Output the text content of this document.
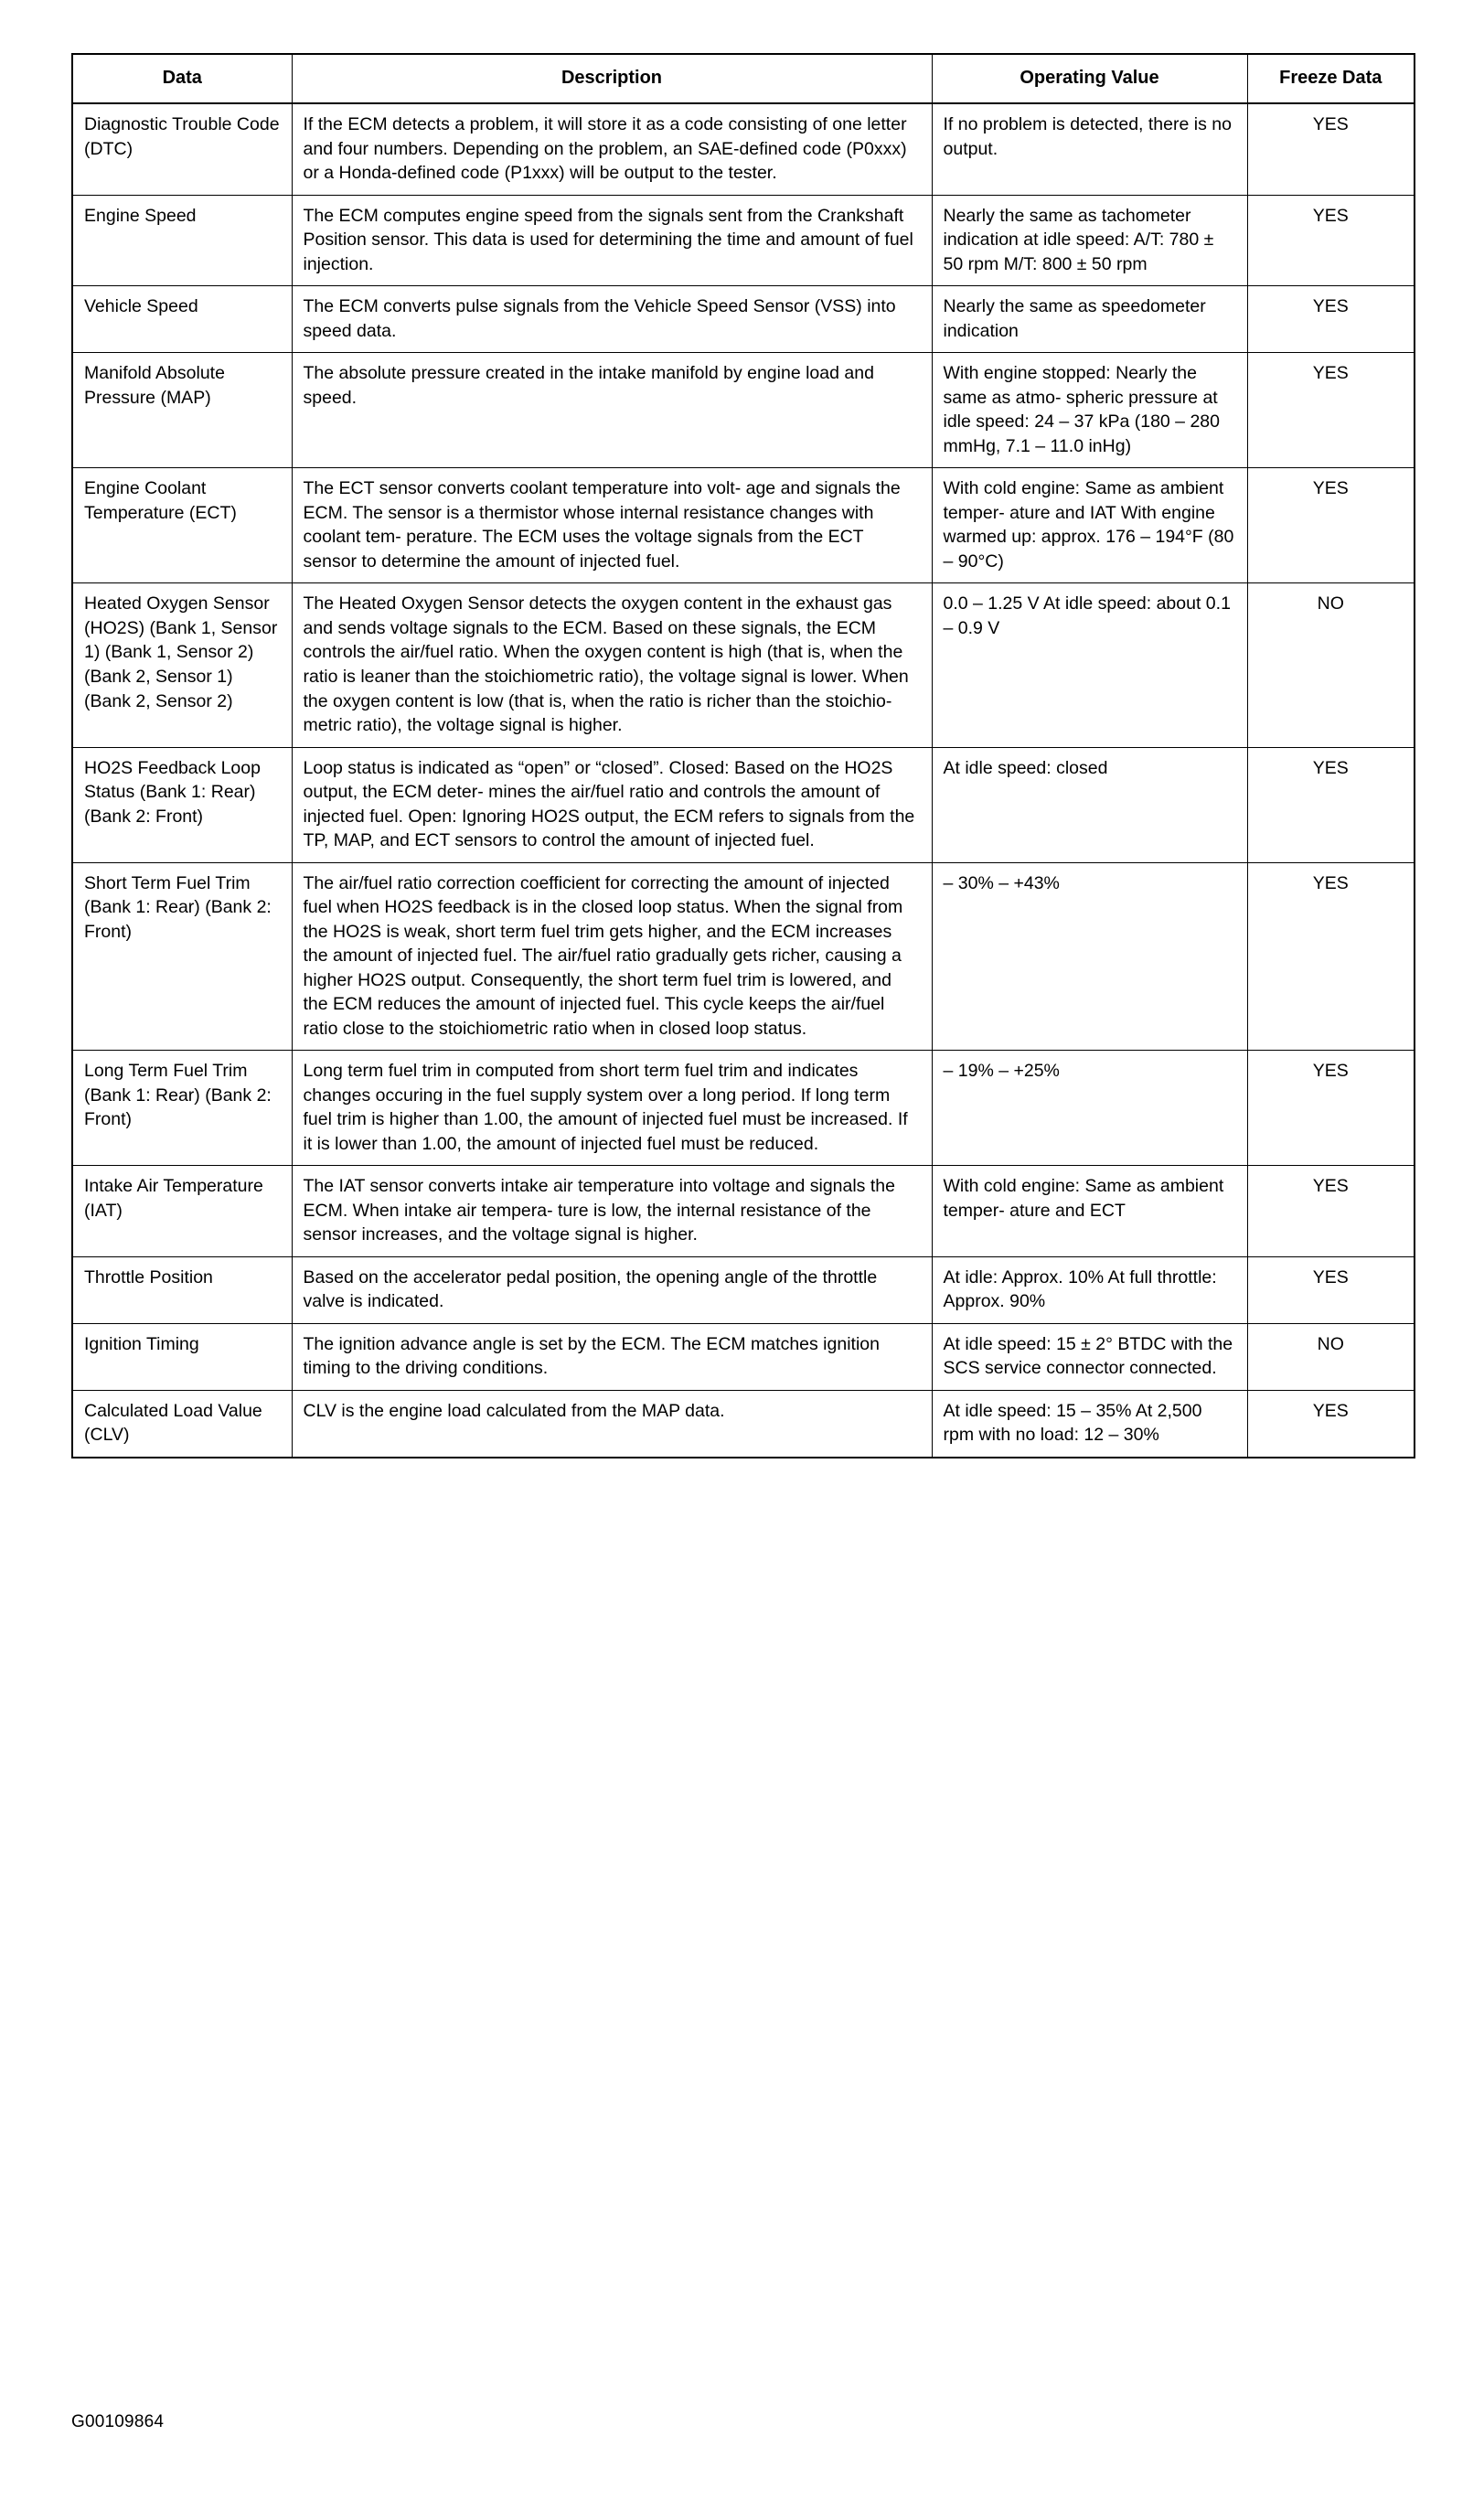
Data	Description	Operating Value	Freeze Data
Diagnostic Trouble Code (DTC)	If the ECM detects a problem, it will store it as a code consisting of one letter and four numbers. Depending on the problem, an SAE-defined code (P0xxx) or a Honda-defined code (P1xxx) will be output to the tester.	If no problem is detected, there is no output.	YES
Engine Speed	The ECM computes engine speed from the signals sent from the Crankshaft Position sensor. This data is used for determining the time and amount of fuel injection.	Nearly the same as tachometer indication at idle speed: A/T: 780 ± 50 rpm M/T: 800 ± 50 rpm	YES
Vehicle Speed	The ECM converts pulse signals from the Vehicle Speed Sensor (VSS) into speed data.	Nearly the same as speedometer indication	YES
Manifold Absolute Pressure (MAP)	The absolute pressure created in the intake manifold by engine load and speed.	With engine stopped: Nearly the same as atmo- spheric pressure at idle speed: 24 – 37 kPa (180 – 280 mmHg, 7.1 – 11.0 inHg)	YES
Engine Coolant Temperature (ECT)	The ECT sensor converts coolant temperature into volt- age and signals the ECM. The sensor is a thermistor whose internal resistance changes with coolant tem- perature. The ECM uses the voltage signals from the ECT sensor to determine the amount of injected fuel.	With cold engine: Same as ambient temper- ature and IAT With engine warmed up: approx. 176 – 194°F (80 – 90°C)	YES
Heated Oxygen Sensor (HO2S) (Bank 1, Sensor 1) (Bank 1, Sensor 2) (Bank 2, Sensor 1) (Bank 2, Sensor 2)	The Heated Oxygen Sensor detects the oxygen content in the exhaust gas and sends voltage signals to the ECM. Based on these signals, the ECM controls the air/fuel ratio. When the oxygen content is high (that is, when the ratio is leaner than the stoichiometric ratio), the voltage signal is lower. When the oxygen content is low (that is, when the ratio is richer than the stoichio- metric ratio), the voltage signal is higher.	0.0 – 1.25 V At idle speed: about 0.1 – 0.9 V	NO
HO2S Feedback Loop Status (Bank 1: Rear) (Bank 2: Front)	Loop status is indicated as “open” or “closed”. Closed: Based on the HO2S output, the ECM deter- mines the air/fuel ratio and controls the amount of injected fuel. Open: Ignoring HO2S output, the ECM refers to signals from the TP, MAP, and ECT sensors to control the amount of injected fuel.	At idle speed: closed	YES
Short Term Fuel Trim (Bank 1: Rear) (Bank 2: Front)	The air/fuel ratio correction coefficient for correcting the amount of injected fuel when HO2S feedback is in the closed loop status. When the signal from the HO2S is weak, short term fuel trim gets higher, and the ECM increases the amount of injected fuel. The air/fuel ratio gradually gets richer, causing a higher HO2S output. Consequently, the short term fuel trim is lowered, and the ECM reduces the amount of injected fuel. This cycle keeps the air/fuel ratio close to the stoichiometric ratio when in closed loop status.	– 30% – +43%	YES
Long Term Fuel Trim (Bank 1: Rear) (Bank 2: Front)	Long term fuel trim in computed from short term fuel trim and indicates changes occuring in the fuel supply system over a long period. If long term fuel trim is higher than 1.00, the amount of injected fuel must be increased. If it is lower than 1.00, the amount of injected fuel must be reduced.	– 19% – +25%	YES
Intake Air Temperature (IAT)	The IAT sensor converts intake air temperature into voltage and signals the ECM. When intake air tempera- ture is low, the internal resistance of the sensor increases, and the voltage signal is higher.	With cold engine: Same as ambient temper- ature and ECT	YES
Throttle Position	Based on the accelerator pedal position, the opening angle of the throttle valve is indicated.	At idle: Approx. 10% At full throttle: Approx. 90%	YES
Ignition Timing	The ignition advance angle is set by the ECM. The ECM matches ignition timing to the driving conditions.	At idle speed: 15 ± 2° BTDC with the SCS service connector connected.	NO
Calculated Load Value (CLV)	CLV is the engine load calculated from the MAP data.	At idle speed: 15 – 35% At 2,500 rpm with no load: 12 – 30%	YES
G00109864
